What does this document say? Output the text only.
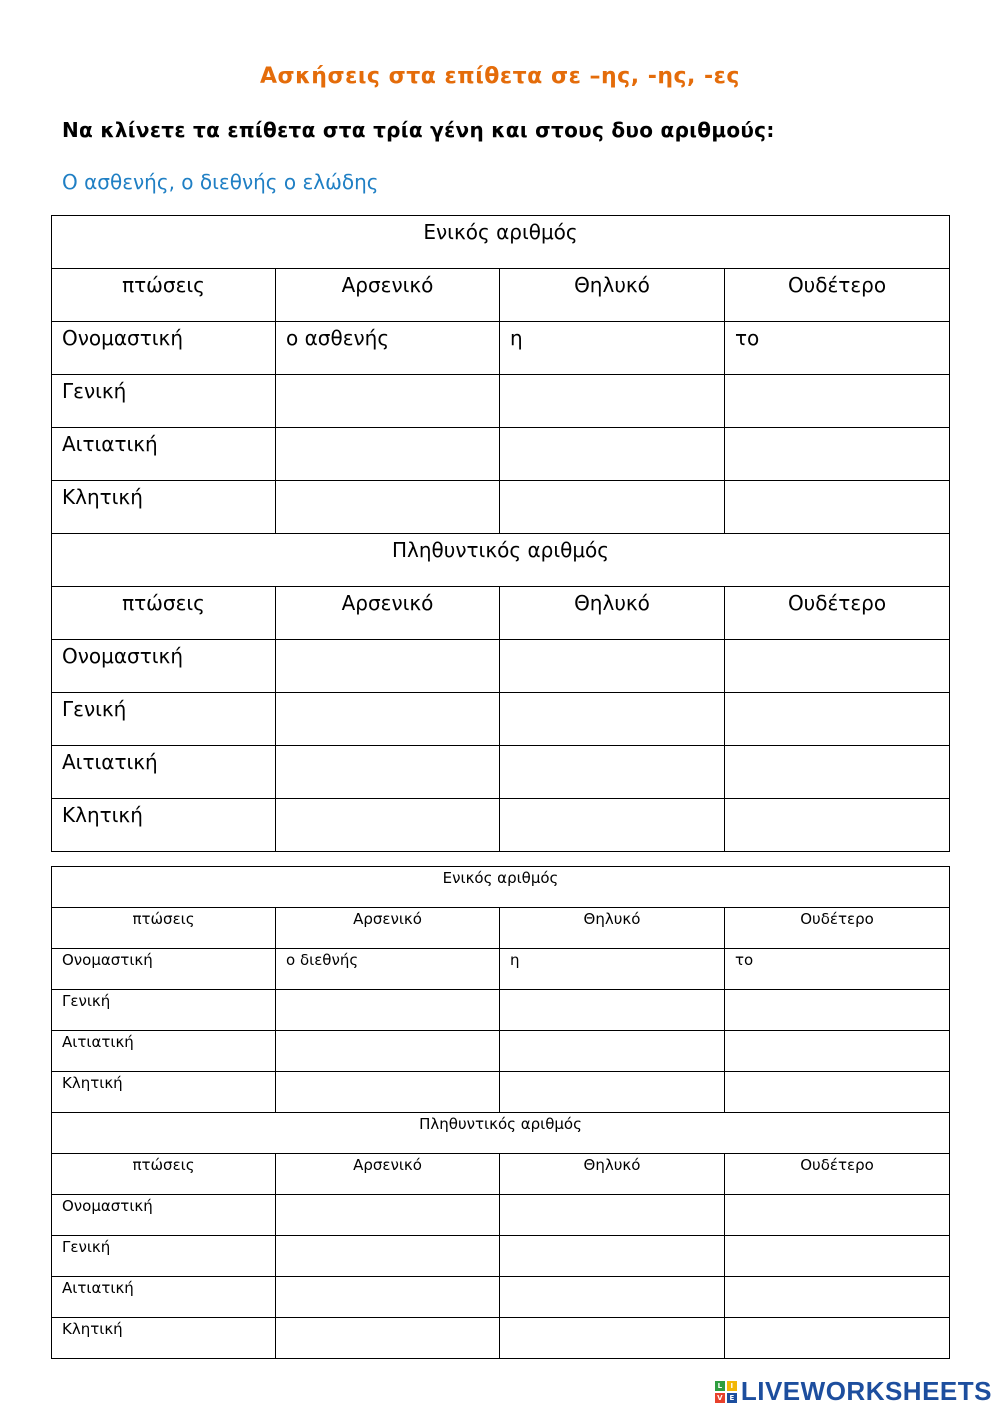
Ασκήσεις στα επίθετα σε –ης, -ης, -ες
Να κλίνετε τα επίθετα στα τρία γένη και στους δυο αριθμούς:
Ο ασθενής, ο διεθνής ο ελώδης
Ενικός αριθμός			
πτώσεις	Αρσενικό	Θηλυκό	Ουδέτερο
Ονομαστική	ο ασθενής	η	το
Γενική			
Αιτιατική			
Κλητική			
Πληθυντικός αριθμός			
πτώσεις	Αρσενικό	Θηλυκό	Ουδέτερο
Ονομαστική			
Γενική			
Αιτιατική			
Κλητική			
Ενικός αριθμός			
πτώσεις	Αρσενικό	Θηλυκό	Ουδέτερο
Ονομαστική	ο διεθνής	η	το
Γενική			
Αιτιατική			
Κλητική			
Πληθυντικός αριθμός			
πτώσεις	Αρσενικό	Θηλυκό	Ουδέτερο
Ονομαστική			
Γενική			
Αιτιατική			
Κλητική			
L	I
V E LIVEWORKSHEETS
